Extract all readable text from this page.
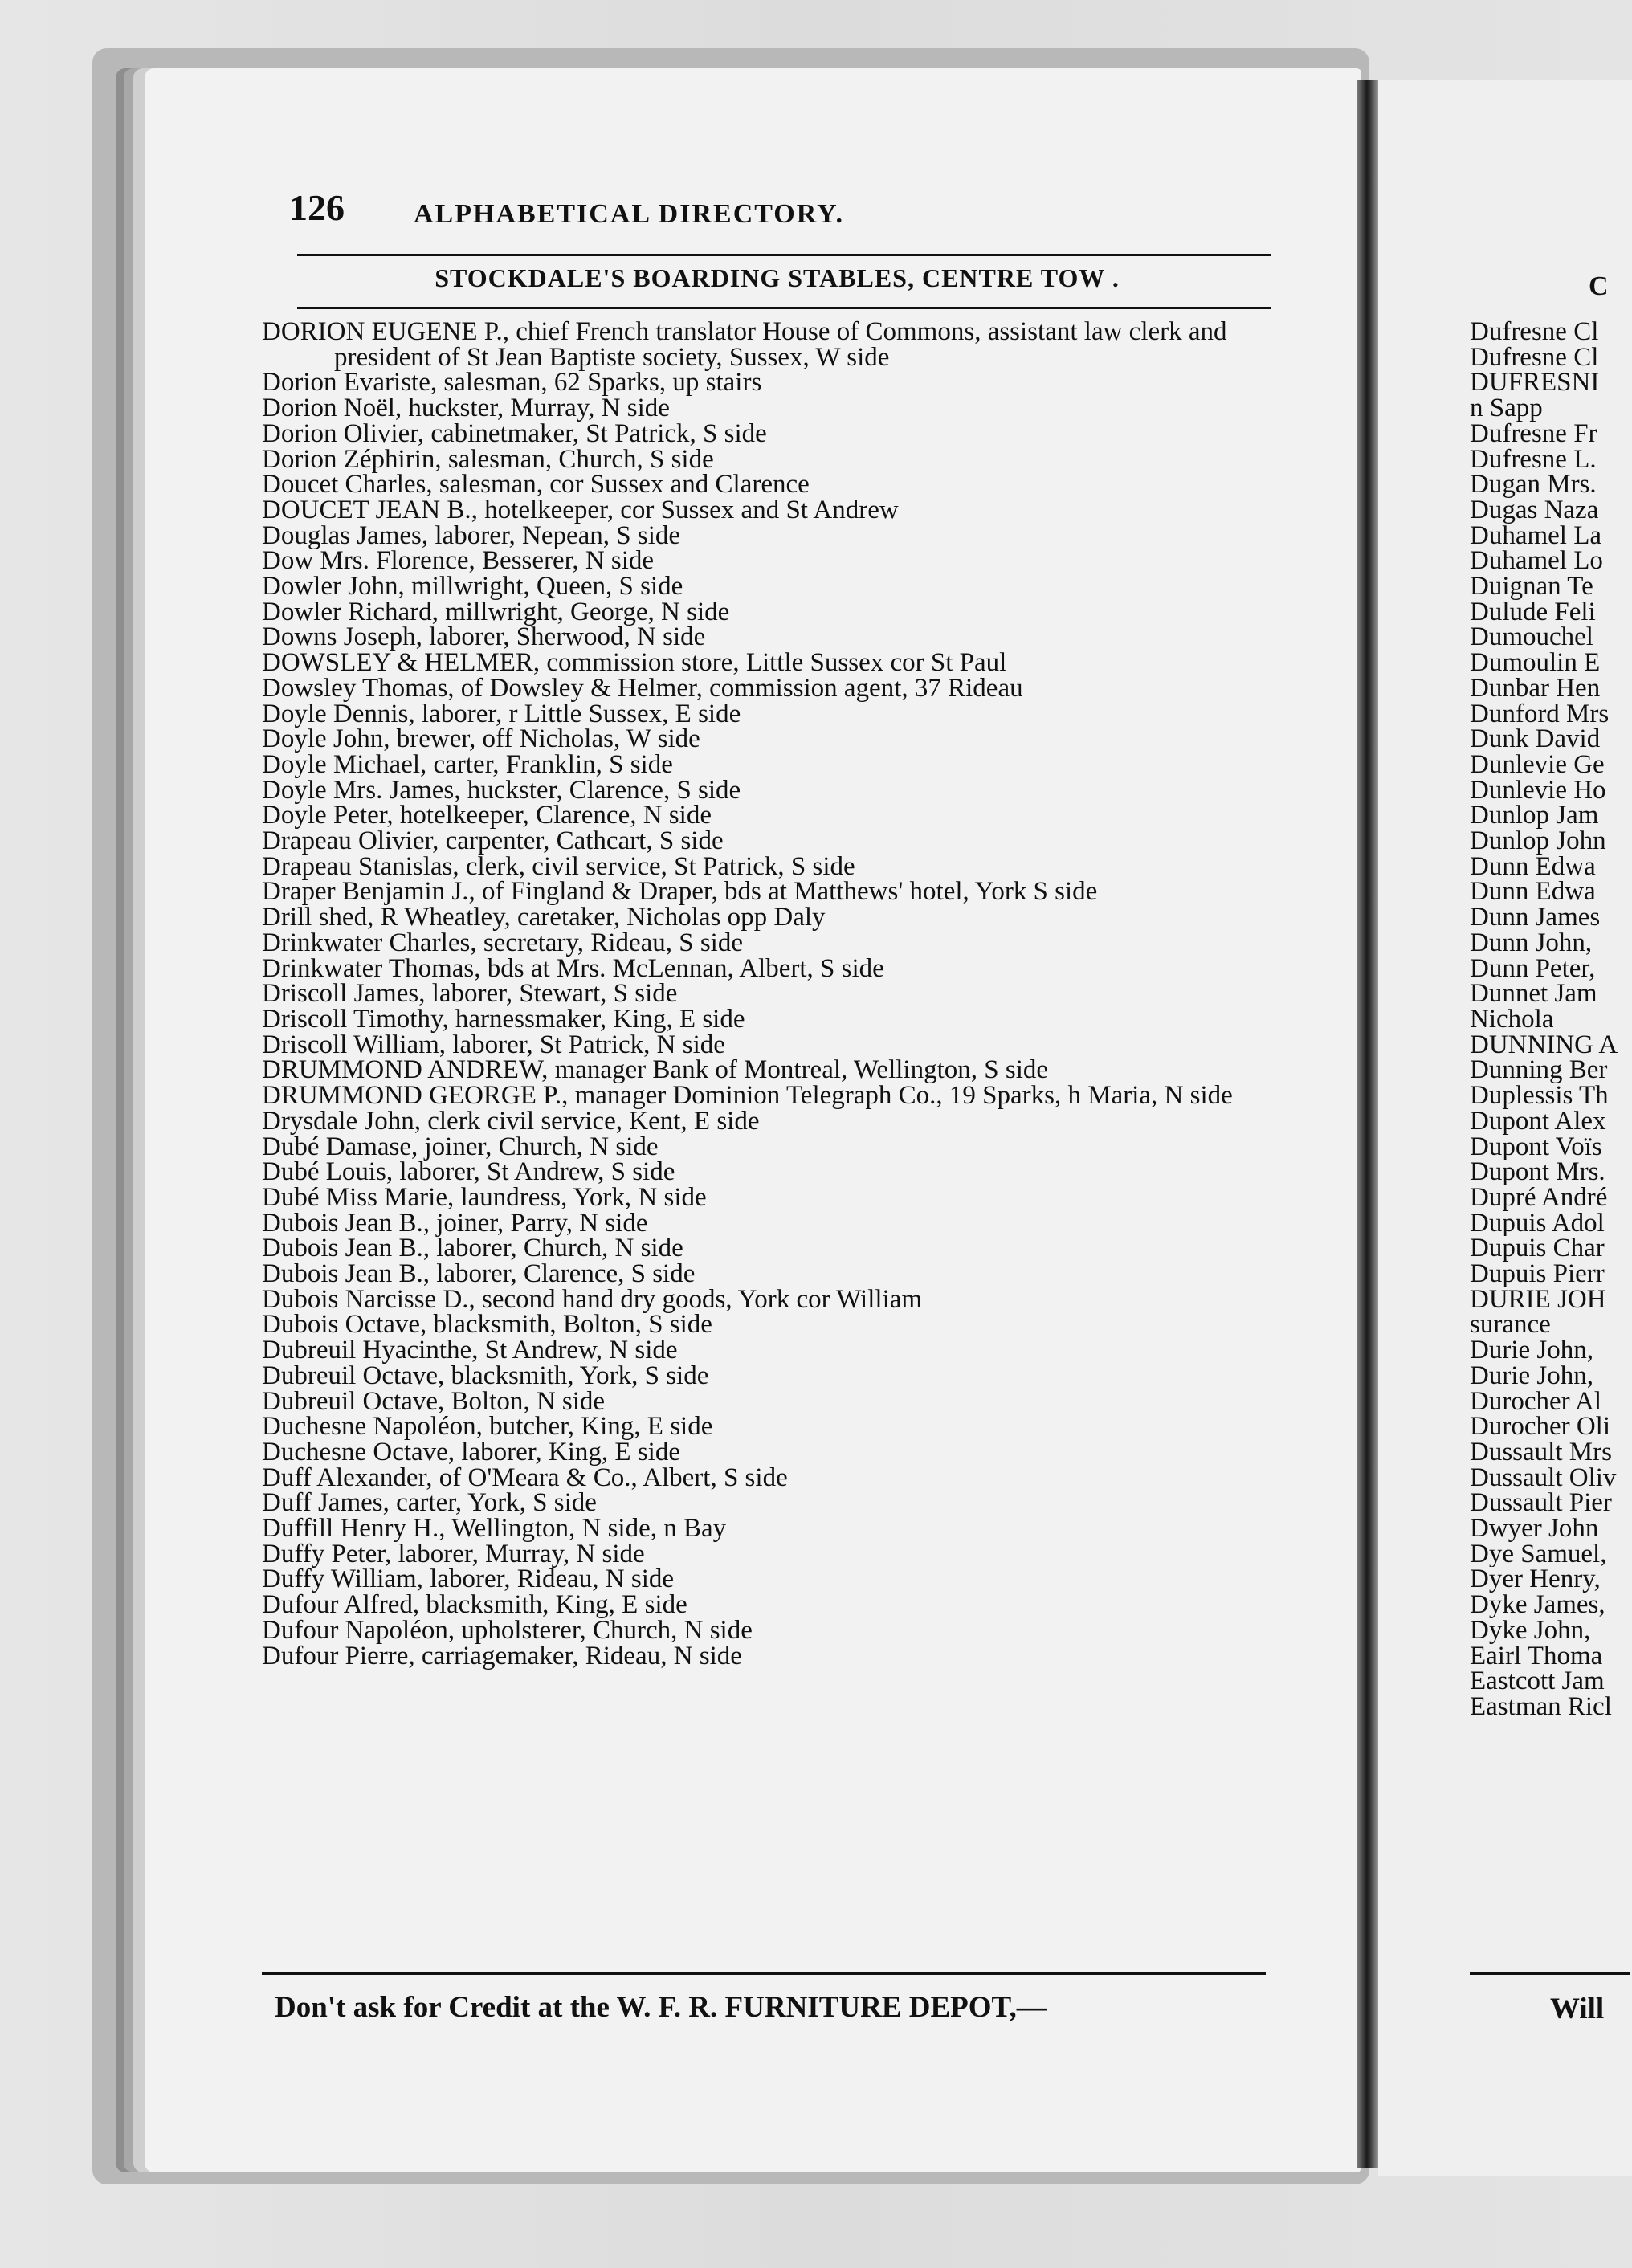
126	ALPHABETICAL DIRECTORY.
STOCKDALE'S BOARDING STABLES, CENTRE TOW .
DORION EUGENE P., chief French translator House of Commons, assistant law clerk and president of St Jean Baptiste society, Sussex, W side
Dorion Evariste, salesman, 62 Sparks, up stairs
Dorion Noël, huckster, Murray, N side
Dorion Olivier, cabinetmaker, St Patrick, S side
Dorion Zéphirin, salesman, Church, S side
Doucet Charles, salesman, cor Sussex and Clarence
DOUCET JEAN B., hotelkeeper, cor Sussex and St Andrew
Douglas James, laborer, Nepean, S side
Dow Mrs. Florence, Besserer, N side
Dowler John, millwright, Queen, S side
Dowler Richard, millwright, George, N side
Downs Joseph, laborer, Sherwood, N side
DOWSLEY & HELMER, commission store, Little Sussex cor St Paul
Dowsley Thomas, of Dowsley & Helmer, commission agent, 37 Rideau
Doyle Dennis, laborer, r Little Sussex, E side
Doyle John, brewer, off Nicholas, W side
Doyle Michael, carter, Franklin, S side
Doyle Mrs. James, huckster, Clarence, S side
Doyle Peter, hotelkeeper, Clarence, N side
Drapeau Olivier, carpenter, Cathcart, S side
Drapeau Stanislas, clerk, civil service, St Patrick, S side
Draper Benjamin J., of Fingland & Draper, bds at Matthews' hotel, York S side
Drill shed, R Wheatley, caretaker, Nicholas opp Daly
Drinkwater Charles, secretary, Rideau, S side
Drinkwater Thomas, bds at Mrs. McLennan, Albert, S side
Driscoll James, laborer, Stewart, S side
Driscoll Timothy, harnessmaker, King, E side
Driscoll William, laborer, St Patrick, N side
DRUMMOND ANDREW, manager Bank of Montreal, Wellington, S side
DRUMMOND GEORGE P., manager Dominion Telegraph Co., 19 Sparks, h Maria, N side
Drysdale John, clerk civil service, Kent, E side
Dubé Damase, joiner, Church, N side
Dubé Louis, laborer, St Andrew, S side
Dubé Miss Marie, laundress, York, N side
Dubois Jean B., joiner, Parry, N side
Dubois Jean B., laborer, Church, N side
Dubois Jean B., laborer, Clarence, S side
Dubois Narcisse D., second hand dry goods, York cor William
Dubois Octave, blacksmith, Bolton, S side
Dubreuil Hyacinthe, St Andrew, N side
Dubreuil Octave, blacksmith, York, S side
Dubreuil Octave, Bolton, N side
Duchesne Napoléon, butcher, King, E side
Duchesne Octave, laborer, King, E side
Duff Alexander, of O'Meara & Co., Albert, S side
Duff James, carter, York, S side
Duffill Henry H., Wellington, N side, n Bay
Duffy Peter, laborer, Murray, N side
Duffy William, laborer, Rideau, N side
Dufour Alfred, blacksmith, King, E side
Dufour Napoléon, upholsterer, Church, N side
Dufour Pierre, carriagemaker, Rideau, N side
Don't ask for Credit at the W. F. R. FURNITURE DEPOT,—
C
Dufresne Cl
Dufresne Cl
DUFRESNI
n Sapp
Dufresne Fr
Dufresne L.
Dugan Mrs.
Dugas Naza
Duhamel La
Duhamel Lo
Duignan Te
Dulude Feli
Dumouchel
Dumoulin E
Dunbar Hen
Dunford Mrs
Dunk David
Dunlevie Ge
Dunlevie Ho
Dunlop Jam
Dunlop John
Dunn Edwa
Dunn Edwa
Dunn James
Dunn John,
Dunn Peter,
Dunnet Jam
Nichola
DUNNING A
Dunning Ber
Duplessis Th
Dupont Alex
Dupont Voïs
Dupont Mrs.
Dupré André
Dupuis Adol
Dupuis Char
Dupuis Pierr
DURIE JOH
surance
Durie John,
Durie John,
Durocher Al
Durocher Oli
Dussault Mrs
Dussault Oliv
Dussault Pier
Dwyer John
Dye Samuel,
Dyer Henry,
Dyke James,
Dyke John,
Eairl Thoma
Eastcott Jam
Eastman Ricl
Will
